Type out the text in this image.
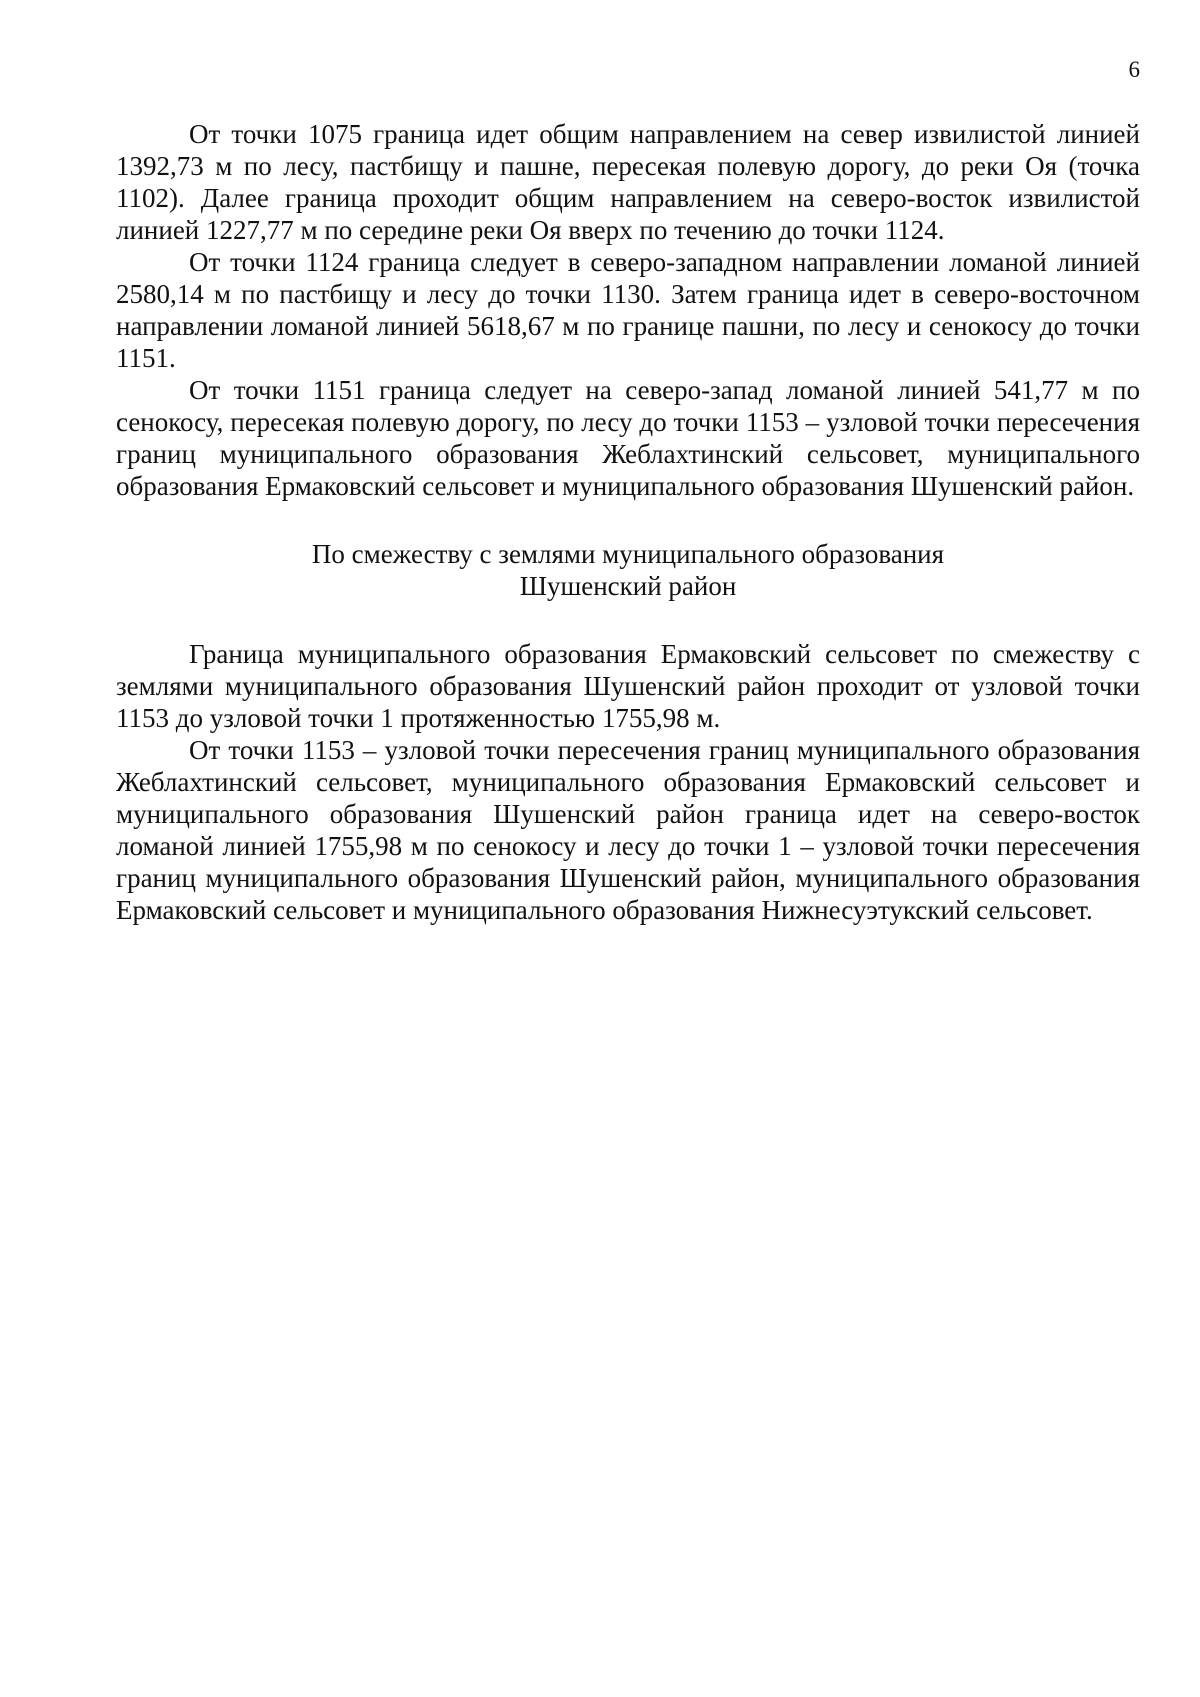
6

От точки 1075 граница идет общим направлением на север извилистой линией 1392,73 м по лесу, пастбищу и пашне, пересекая полевую дорогу, до реки Оя (точка 1102). Далее граница проходит общим направлением на северо-восток извилистой линией 1227,77 м по середине реки Оя вверх по течению до точки 1124.

От точки 1124 граница следует в северо-западном направлении ломаной линией 2580,14 м по пастбищу и лесу до точки 1130. Затем граница идет в северо-восточном направлении ломаной линией 5618,67 м по границе пашни, по лесу и сенокосу до точки 1151.

От точки 1151 граница следует на северо-запад ломаной линией 541,77 м по сенокосу, пересекая полевую дорогу, по лесу до точки 1153 – узловой точки пересечения границ муниципального образования Жеблахтинский сельсовет, муниципального образования Ермаковский сельсовет и муниципального образования Шушенский район.

По смежеству с землями муниципального образования
Шушенский район

Граница муниципального образования Ермаковский сельсовет по смежеству с землями муниципального образования Шушенский район проходит от узловой точки 1153 до узловой точки 1 протяженностью 1755,98 м.

От точки 1153 – узловой точки пересечения границ муниципального образования Жеблахтинский сельсовет, муниципального образования Ермаковский сельсовет и муниципального образования Шушенский район граница идет на северо-восток ломаной линией 1755,98 м по сенокосу и лесу до точки 1 – узловой точки пересечения границ муниципального образования Шушенский район, муниципального образования Ермаковский сельсовет и муниципального образования Нижнесуэтукский сельсовет.
